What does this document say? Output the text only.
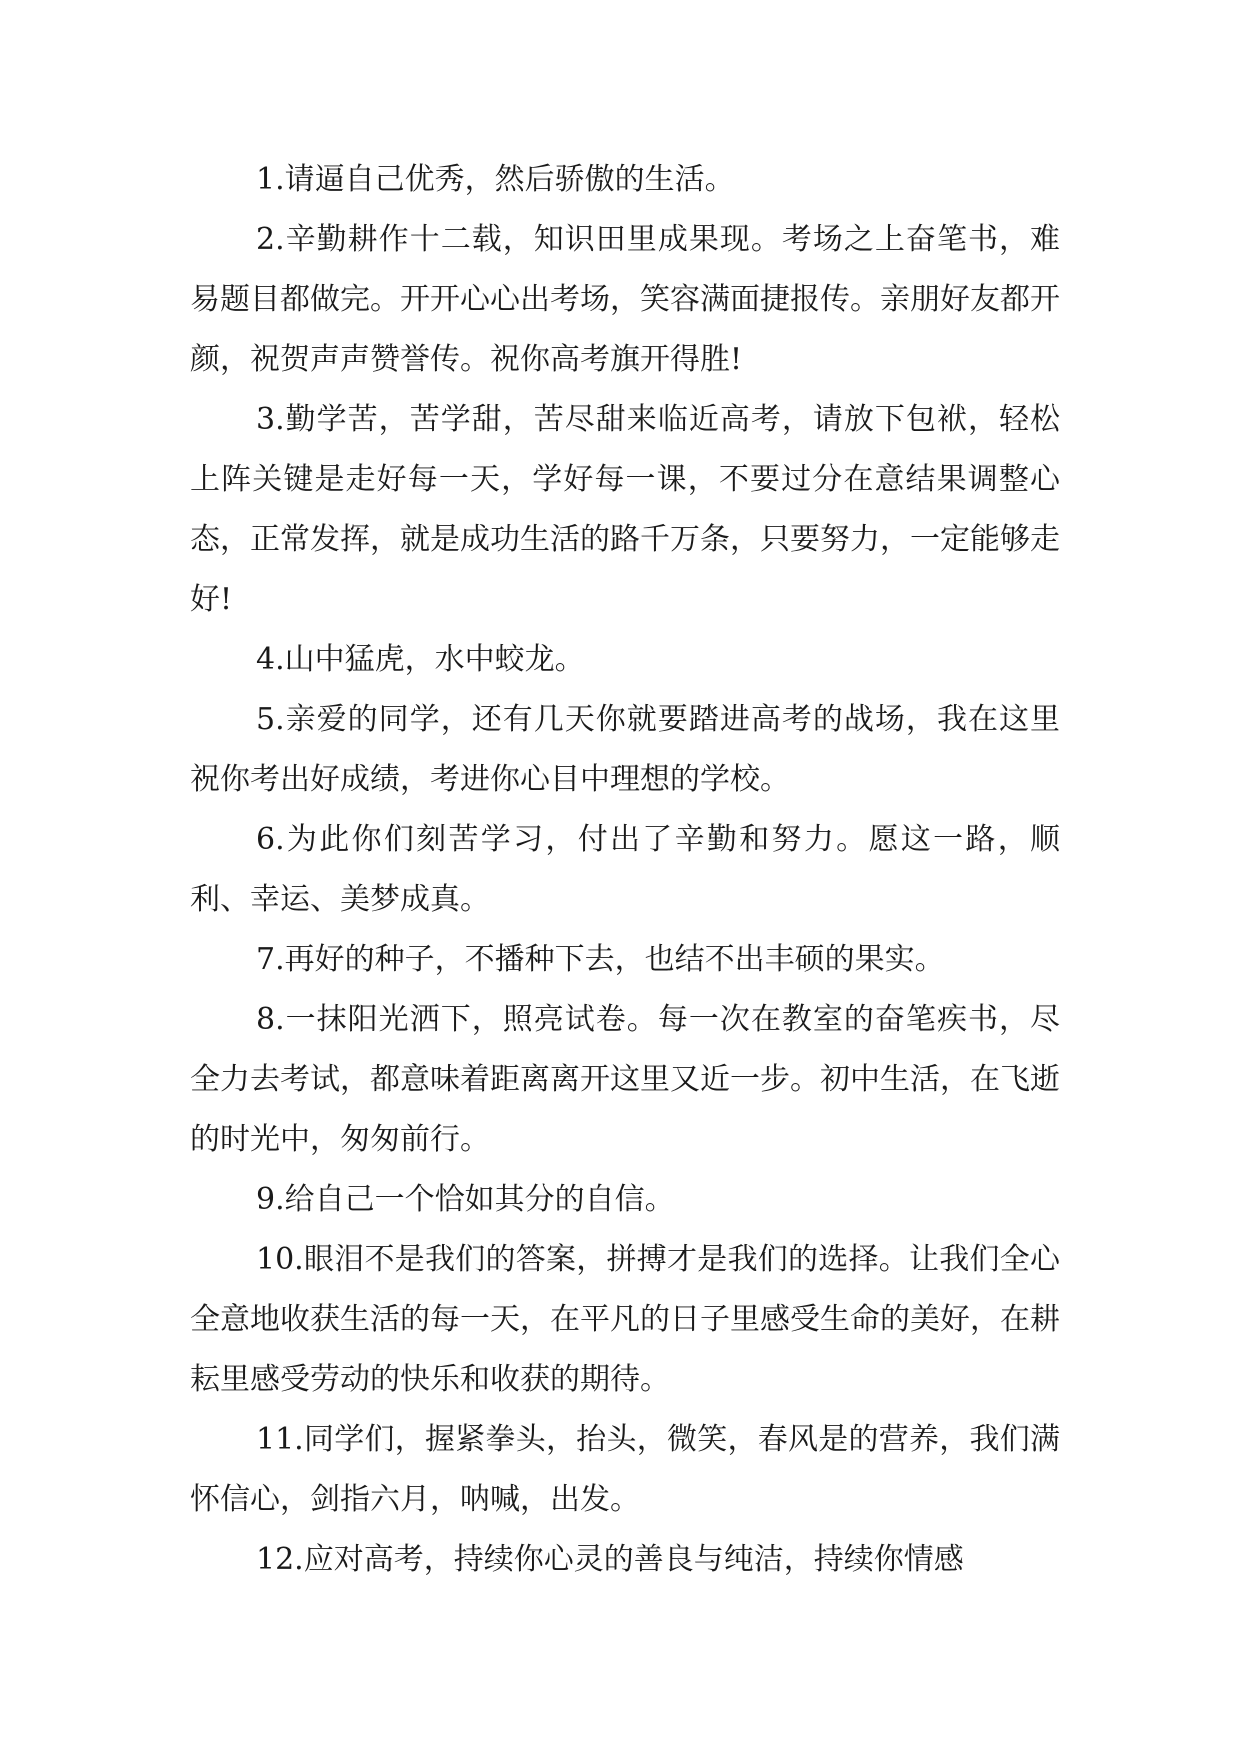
1.请逼自己优秀，然后骄傲的生活。

2.辛勤耕作十二载，知识田里成果现。考场之上奋笔书，难易题目都做完。开开心心出考场，笑容满面捷报传。亲朋好友都开颜，祝贺声声赞誉传。祝你高考旗开得胜!

3.勤学苦，苦学甜，苦尽甜来临近高考，请放下包袱，轻松上阵关键是走好每一天，学好每一课，不要过分在意结果调整心态，正常发挥，就是成功生活的路千万条，只要努力，一定能够走好!

4.山中猛虎，水中蛟龙。

5.亲爱的同学，还有几天你就要踏进高考的战场，我在这里祝你考出好成绩，考进你心目中理想的学校。

6.为此你们刻苦学习，付出了辛勤和努力。愿这一路，顺利、幸运、美梦成真。

7.再好的种子，不播种下去，也结不出丰硕的果实。

8.一抹阳光洒下，照亮试卷。每一次在教室的奋笔疾书，尽全力去考试，都意味着距离离开这里又近一步。初中生活，在飞逝的时光中，匆匆前行。

9.给自己一个恰如其分的自信。

10.眼泪不是我们的答案，拼搏才是我们的选择。让我们全心全意地收获生活的每一天，在平凡的日子里感受生命的美好，在耕耘里感受劳动的快乐和收获的期待。

11.同学们，握紧拳头，抬头，微笑，春风是的营养，我们满怀信心，剑指六月，呐喊，出发。

12.应对高考，持续你心灵的善良与纯洁，持续你情感
